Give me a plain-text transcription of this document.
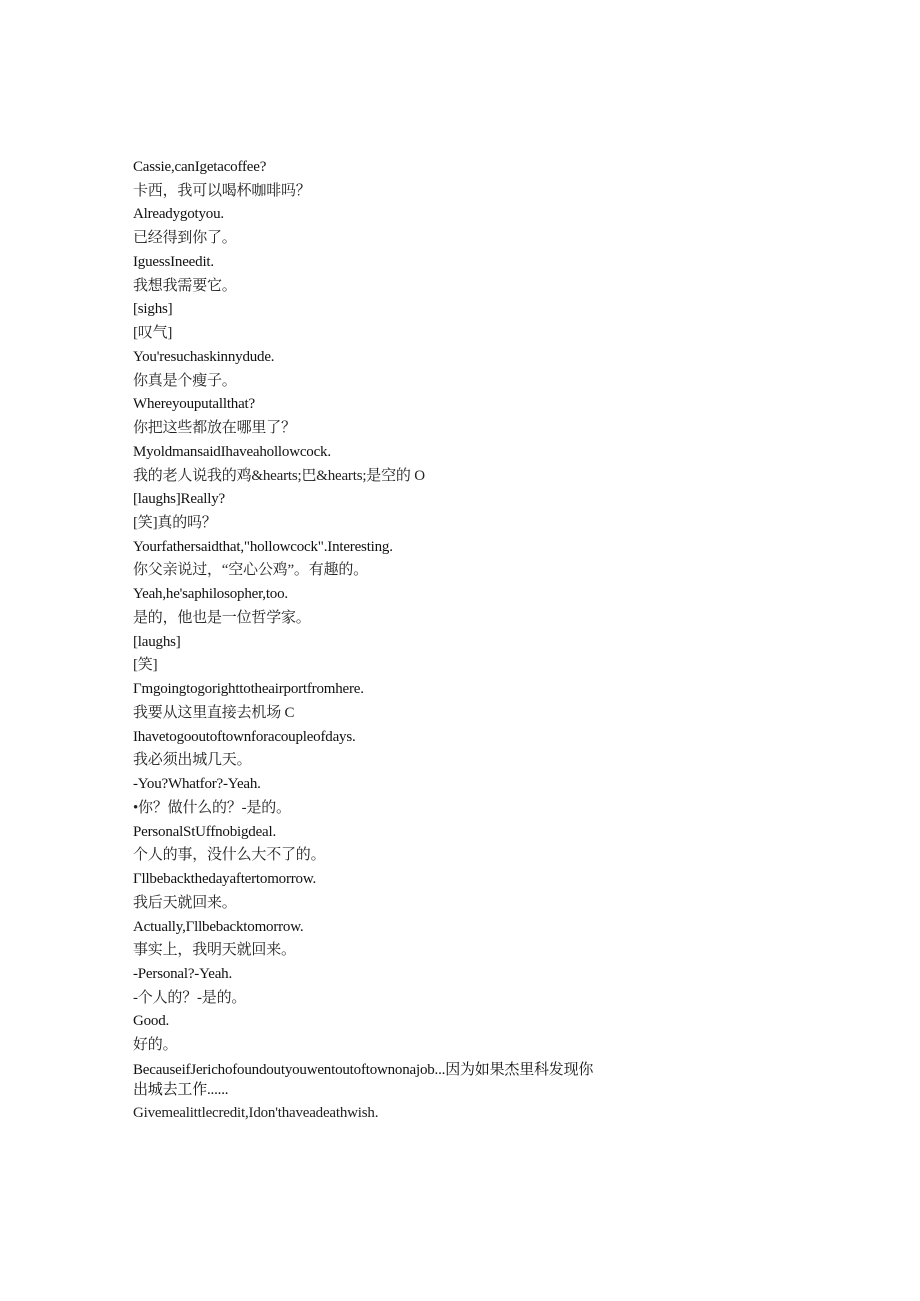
Cassie,canIgetacoffee?
卡西，我可以喝杯咖啡吗？
Alreadygotyou.
已经得到你了。
IguessIneedit.
我想我需要它。
[sighs]
[叹气]
You'resuchaskinnydude.
你真是个瘦子。
Whereyouputallthat?
你把这些都放在哪里了？
MyoldmansaidIhaveahollowcock.
我的老人说我的鸡&hearts;巴&hearts;是空的 O
[laughs]Really?
[笑]真的吗？
Yourfathersaidthat,"hollowcock".Interesting.
你父亲说过，“空心公鸡”。有趣的。
Yeah,he'saphilosopher,too.
是的，他也是一位哲学家。
[laughs]
[笑]
Γmgoingtogorighttotheairportfromhere.
我要从这里直接去机场 C
Ihavetogooutoftownforacoupleofdays.
我必须出城几天。
-You?Whatfor?-Yeah.
•你？做什么的？-是的。
PersonalStUffnobigdeal.
个人的事，没什么大不了的。
Γllbebackthedayaftertomorrow.
我后天就回来。
Actually,Γllbebacktomorrow.
事实上，我明天就回来。
-Personal?-Yeah.
-个人的？-是的。
Good.
好的。
BecauseifJerichofoundoutyouwentoutoftownonajob...因为如果杰里科发现你出城去工作......
Givemealittlecredit,Idon'thaveadeathwish.
